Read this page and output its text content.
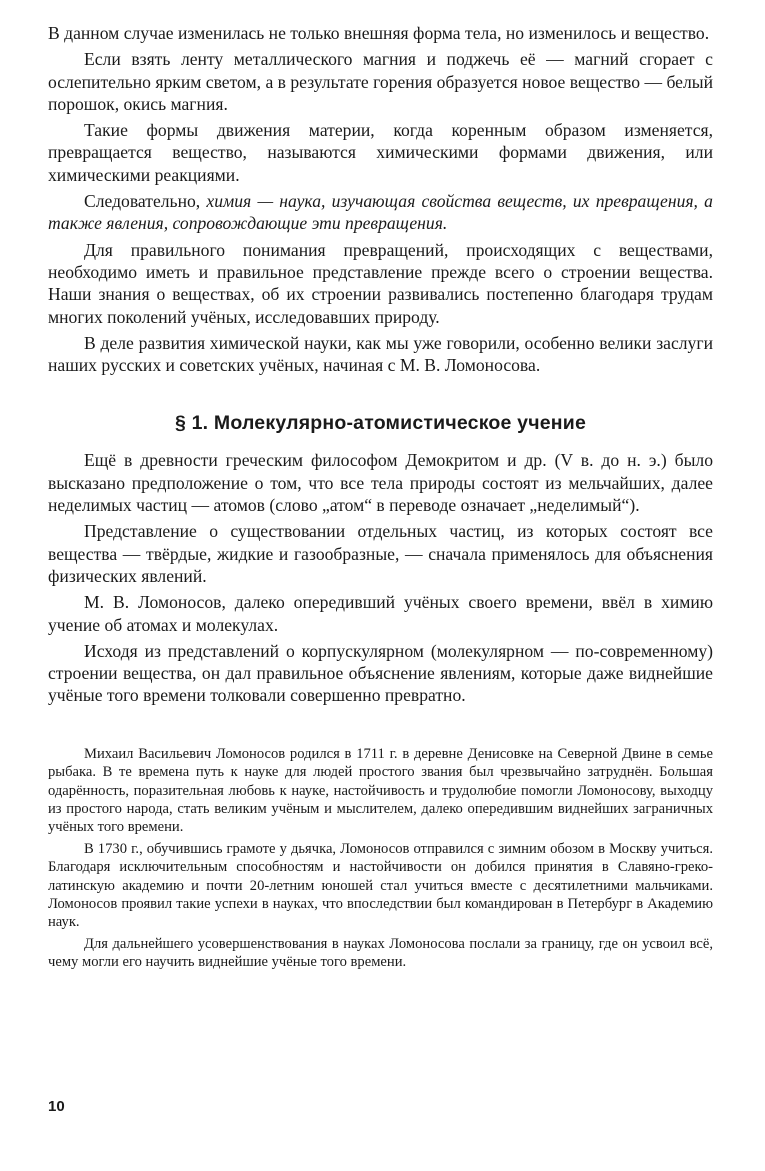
В данном случае изменилась не только внешняя форма тела, но изменилось и вещество.

Если взять ленту металлического магния и поджечь её — магний сгорает с ослепительно ярким светом, а в результате горения образуется новое вещество — белый порошок, окись магния.

Такие формы движения материи, когда коренным образом изменяется, превращается вещество, называются химическими формами движения, или химическими реакциями.

Следовательно, химия — наука, изучающая свойства веществ, их превращения, а также явления, сопровождающие эти превращения.

Для правильного понимания превращений, происходящих с веществами, необходимо иметь и правильное представление прежде всего о строении вещества. Наши знания о веществах, об их строении развивались постепенно благодаря трудам многих поколений учёных, исследовавших природу.

В деле развития химической науки, как мы уже говорили, особенно велики заслуги наших русских и советских учёных, начиная с М. В. Ломоносова.

§ 1. Молекулярно-атомистическое учение

Ещё в древности греческим философом Демокритом и др. (V в. до н. э.) было высказано предположение о том, что все тела природы состоят из мельчайших, далее неделимых частиц — атомов (слово „атом“ в переводе означает „неделимый“).

Представление о существовании отдельных частиц, из которых состоят все вещества — твёрдые, жидкие и газообразные, — сначала применялось для объяснения физических явлений.

М. В. Ломоносов, далеко опередивший учёных своего времени, ввёл в химию учение об атомах и молекулах.

Исходя из представлений о корпускулярном (молекулярном — по-современному) строении вещества, он дал правильное объяснение явлениям, которые даже виднейшие учёные того времени толковали совершенно превратно.

Михаил Васильевич Ломоносов родился в 1711 г. в деревне Денисовке на Северной Двине в семье рыбака. В те времена путь к науке для людей простого звания был чрезвычайно затруднён. Большая одарённость, поразительная любовь к науке, настойчивость и трудолюбие помогли Ломоносову, выходцу из простого народа, стать великим учёным и мыслителем, далеко опередившим виднейших заграничных учёных того времени.

В 1730 г., обучившись грамоте у дьячка, Ломоносов отправился с зимним обозом в Москву учиться. Благодаря исключительным способностям и настойчивости он добился принятия в Славяно-греко-латинскую академию и почти 20-летним юношей стал учиться вместе с десятилетними мальчиками. Ломоносов проявил такие успехи в науках, что впоследствии был командирован в Петербург в Академию наук.

Для дальнейшего усовершенствования в науках Ломоносова послали за границу, где он усвоил всё, чему могли его научить виднейшие учёные того времени.

10
